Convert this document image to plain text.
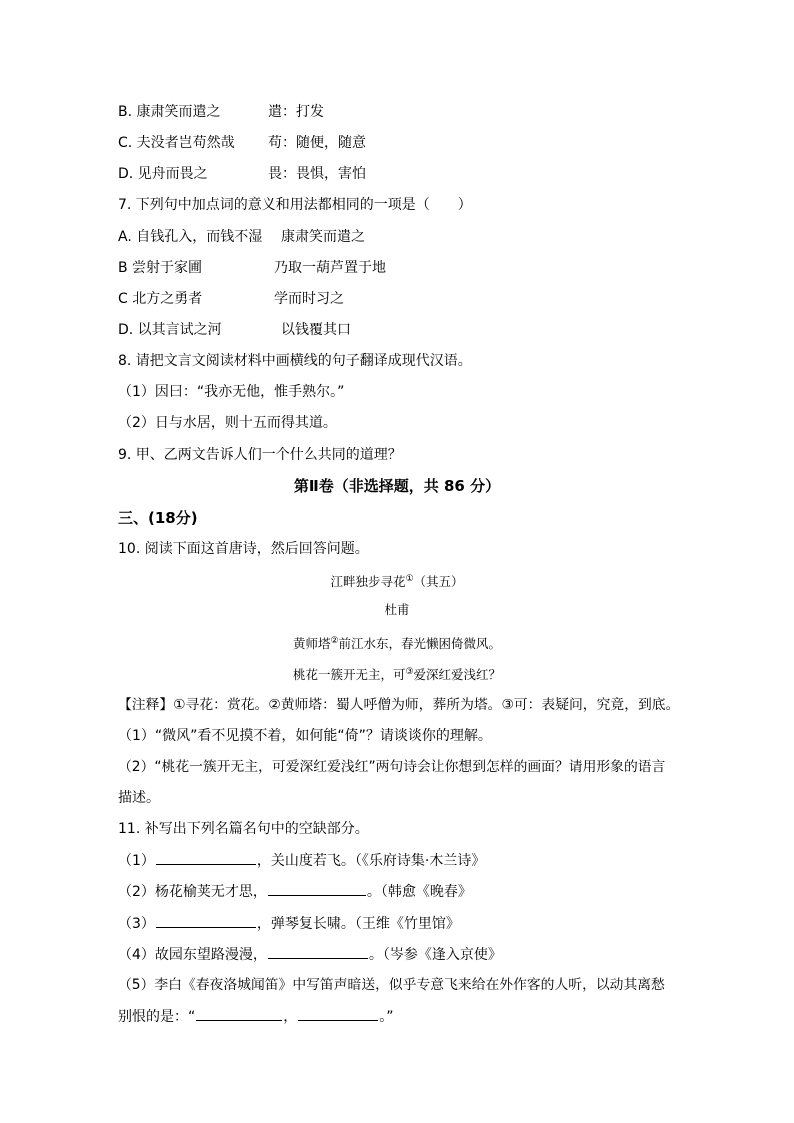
B. 康肃笑而遣之	遣：打发
C. 夫没者岂苟然哉 苟：随便，随意
D. 见舟而畏之	畏：畏惧，害怕
7. 下列句中加点词的意义和用法都相同的一项是（　　）
A. 自钱孔入，而钱不湿 康肃笑而遣之
B 尝射于家圃	乃取一葫芦置于地
C 北方之勇者	学而时习之
D. 以其言试之河	以钱覆其口
8. 请把文言文阅读材料中画横线的句子翻译成现代汉语。
（1）因曰：“我亦无他，惟手熟尔。”
（2）日与水居，则十五而得其道。
9. 甲、乙两文告诉人们一个什么共同的道理？
第Ⅱ卷（非选择题，共 86 分）
三、(18分)
10. 阅读下面这首唐诗，然后回答问题。
江畔独步寻花①（其五）
杜甫
黄师塔②前江水东，春光懒困倚微风。
桃花一簇开无主，可③爱深红爱浅红？
【注释】①寻花：赏花。②黄师塔：蜀人呼僧为师，葬所为塔。③可：表疑问，究竟，到底。
（1）“微风”看不见摸不着，如何能“倚”？请谈谈你的理解。
（2）“桃花一簇开无主，可爱深红爱浅红”两句诗会让你想到怎样的画面？请用形象的语言
描述。
11. 补写出下列名篇名句中的空缺部分。
（1）	，关山度若飞。（《乐府诗集·木兰诗》
（2）杨花榆荚无才思，	。（韩愈《晚春》
（3）	，弹琴复长啸。（王维《竹里馆》
（4）故园东望路漫漫，	。（岑参《逢入京使》
（5）李白《春夜洛城闻笛》中写笛声暗送，似乎专意飞来给在外作客的人听，以动其离愁
别恨的是：“	，	。”
